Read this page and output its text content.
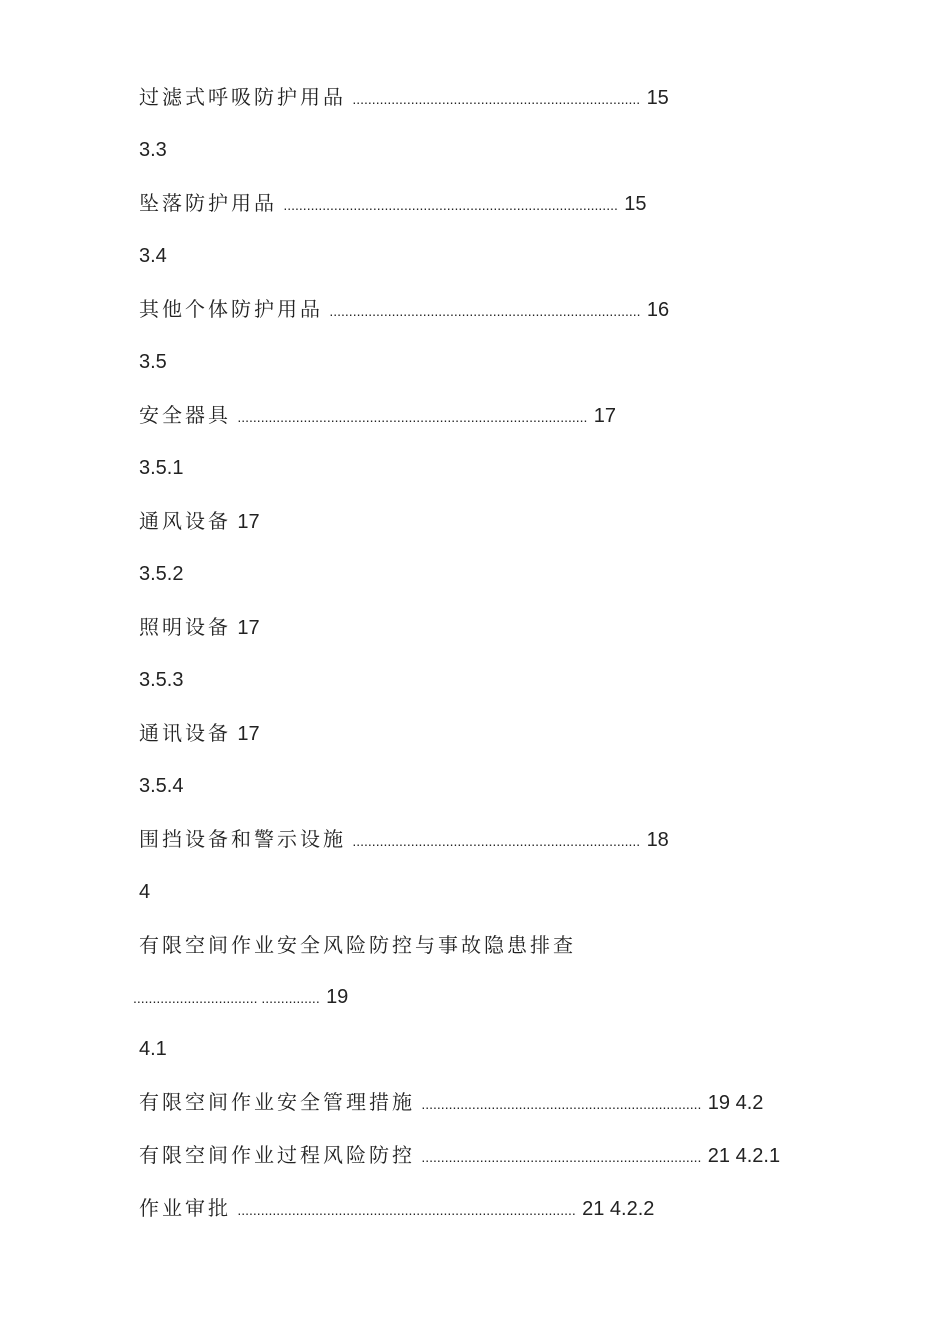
过滤式呼吸防护用品 .......................................................................... 15
3.3
坠落防护用品 ...................................................................................... 15
3.4
其他个体防护用品 ................................................................................ 16
3.5
安全器具 .......................................................................................... 17
3.5.1
通风设备 17
3.5.2
照明设备 17
3.5.3
通讯设备 17
3.5.4
围挡设备和警示设施 .......................................................................... 18
4
有限空间作业安全风险防控与事故隐患排查
................................ ............... 19
4.1
有限空间作业安全管理措施 ........................................................................ 19 4.2
有限空间作业过程风险防控 ........................................................................ 21 4.2.1
作业审批 ....................................................................................... 21 4.2.2
